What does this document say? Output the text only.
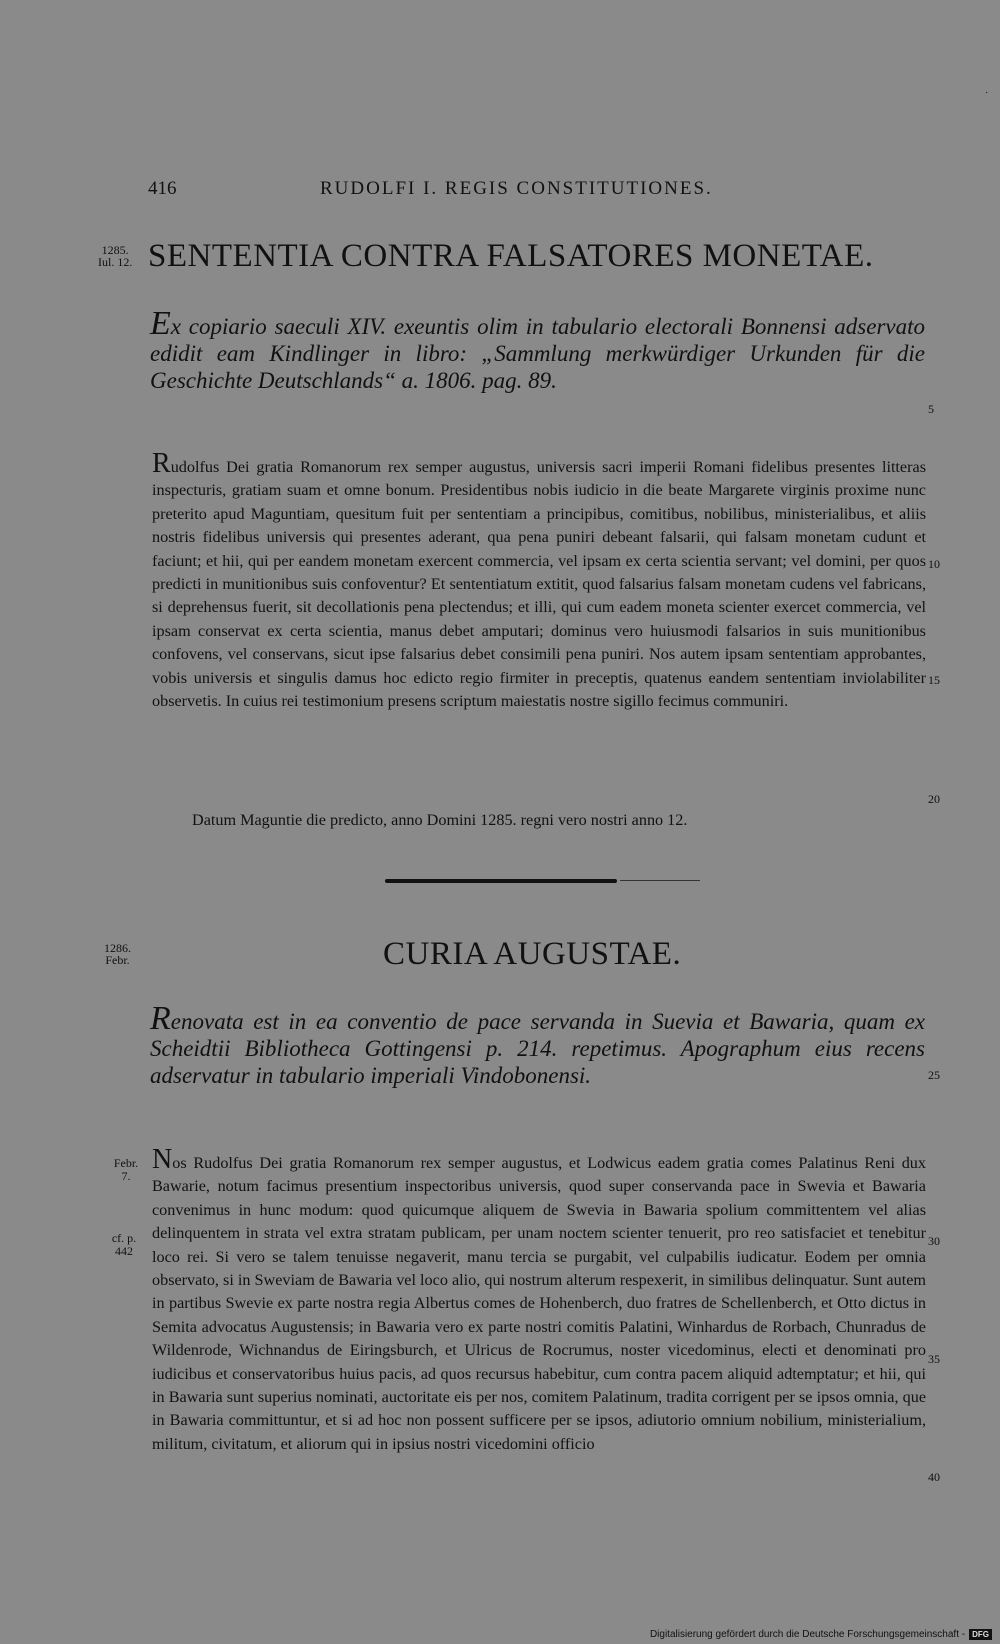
·
416	RUDOLFI I. REGIS CONSTITUTIONES.
1285.
Iul. 12. SENTENTIA CONTRA FALSATORES MONETAE.
Ex copiario saeculi XIV. exeuntis olim in tabulario electorali Bonnensi adservato edidit eam Kindlinger in libro: „Sammlung merkwürdiger Urkunden für die Geschichte Deutschlands“ a. 1806. pag. 89.
Rudolfus Dei gratia Romanorum rex semper augustus, universis sacri imperii Romani fidelibus presentes litteras inspecturis, gratiam suam et omne bonum. Presidentibus nobis iudicio in die beate Margarete virginis proxime nunc preterito apud Maguntiam, quesitum fuit per sententiam a principibus, comitibus, nobilibus, ministerialibus, et aliis nostris fidelibus universis qui presentes aderant, qua pena puniri debeant falsarii, qui falsam monetam cudunt et faciunt; et hii, qui per eandem monetam exercent commercia, vel ipsam ex certa scientia servant; vel domini, per quos predicti in munitionibus suis confoventur? Et sententiatum extitit, quod falsarius falsam monetam cudens vel fabricans, si deprehensus fuerit, sit decollationis pena plectendus; et illi, qui cum eadem moneta scienter exercet commercia, vel ipsam conservat ex certa scientia, manus debet amputari; dominus vero huiusmodi falsarios in suis munitionibus confovens, vel conservans, sicut ipse falsarius debet consimili pena puniri. Nos autem ipsam sententiam approbantes, vobis universis et singulis damus hoc edicto regio firmiter in preceptis, quatenus eandem sententiam inviolabiliter observetis. In cuius rei testimonium presens scriptum maiestatis nostre sigillo fecimus communiri.
Datum Maguntie die predicto, anno Domini 1285. regni vero nostri anno 12.
5
10
15
20
1286.
Febr.	CURIA AUGUSTAE.
Renovata est in ea conventio de pace servanda in Suevia et Bawaria, quam ex Scheidtii Bibliotheca Gottingensi p. 214. repetimus. Apographum eius recens adservatur in tabulario imperiali Vindobonensi.
Febr. 7.
cf. p. 442
Nos Rudolfus Dei gratia Romanorum rex semper augustus, et Lodwicus eadem gratia comes Palatinus Reni dux Bawarie, notum facimus presentium inspectoribus universis, quod super conservanda pace in Swevia et Bawaria convenimus in hunc modum: quod quicumque aliquem de Swevia in Bawaria spolium committentem vel alias delinquentem in strata vel extra stratam publicam, per unam noctem scienter tenuerit, pro reo satisfaciet et tenebitur loco rei. Si vero se talem tenuisse negaverit, manu tercia se purgabit, vel culpabilis iudicatur. Eodem per omnia observato, si in Sweviam de Bawaria vel loco alio, qui nostrum alterum respexerit, in similibus delinquatur. Sunt autem in partibus Swevie ex parte nostra regia Albertus comes de Hohenberch, duo fratres de Schellenberch, et Otto dictus in Semita advocatus Augustensis; in Bawaria vero ex parte nostri comitis Palatini, Winhardus de Rorbach, Chunradus de Wildenrode, Wichnandus de Eiringsburch, et Ulricus de Rocrumus, noster vicedominus, electi et denominati pro iudicibus et conservatoribus huius pacis, ad quos recursus habebitur, cum contra pacem aliquid adtemptatur; et hii, qui in Bawaria sunt superius nominati, auctoritate eis per nos, comitem Palatinum, tradita corrigent per se ipsos omnia, que in Bawaria committuntur, et si ad hoc non possent sufficere per se ipsos, adiutorio omnium nobilium, ministerialium, militum, civitatum, et aliorum qui in ipsius nostri vicedomini officio
25
30
35
40
Digitalisierung gefördert durch die Deutsche Forschungsgemeinschaft - DFG
